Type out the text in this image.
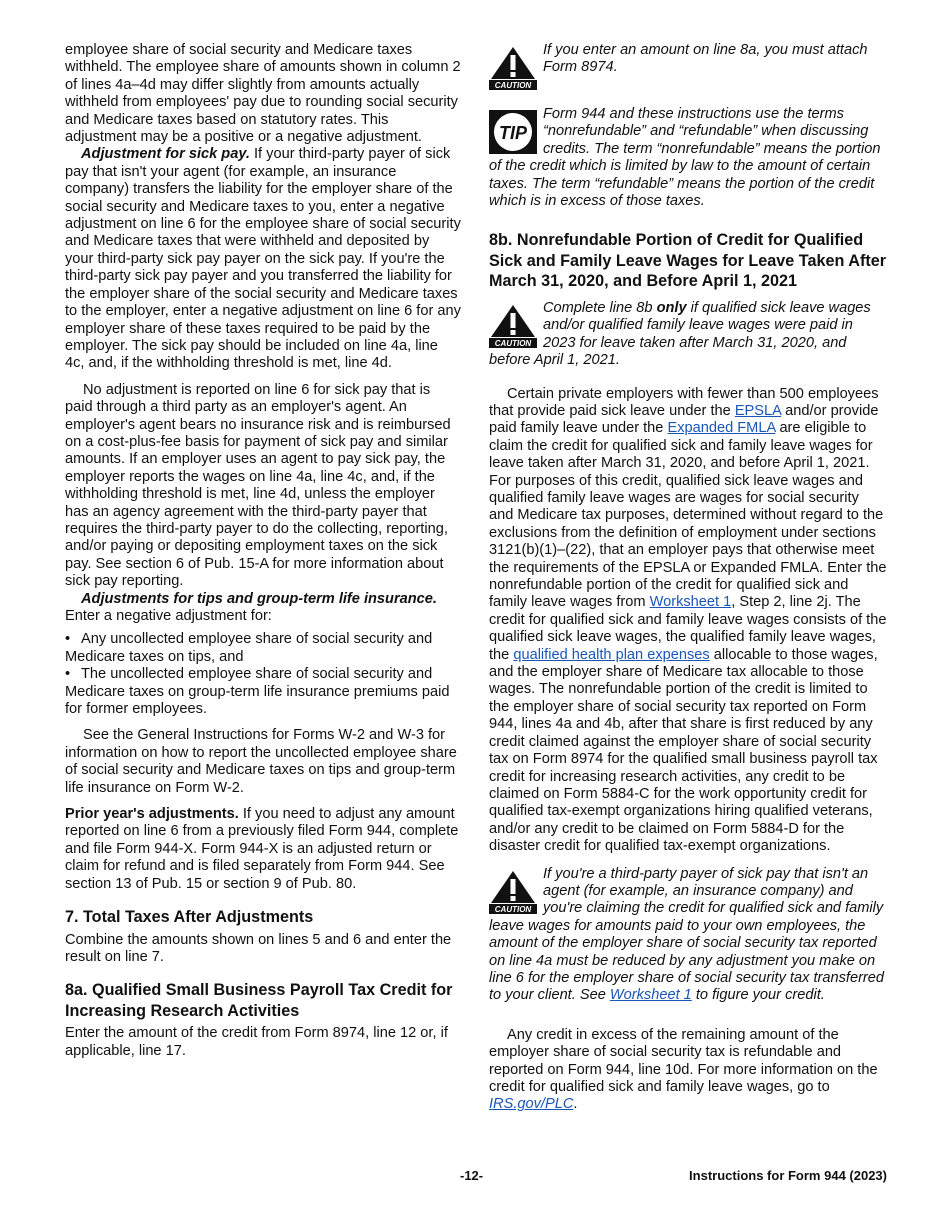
employee share of social security and Medicare taxes withheld. The employee share of amounts shown in column 2 of lines 4a–4d may differ slightly from amounts actually withheld from employees' pay due to rounding social security and Medicare taxes based on statutory rates. This adjustment may be a positive or a negative adjustment.

Adjustment for sick pay. If your third-party payer of sick pay that isn't your agent (for example, an insurance company) transfers the liability for the employer share of the social security and Medicare taxes to you, enter a negative adjustment on line 6 for the employee share of social security and Medicare taxes that were withheld and deposited by your third-party sick pay payer on the sick pay. If you're the third-party sick pay payer and you transferred the liability for the employer share of the social security and Medicare taxes to the employer, enter a negative adjustment on line 6 for any employer share of these taxes required to be paid by the employer. The sick pay should be included on line 4a, line 4c, and, if the withholding threshold is met, line 4d.

No adjustment is reported on line 6 for sick pay that is paid through a third party as an employer's agent. An employer's agent bears no insurance risk and is reimbursed on a cost-plus-fee basis for payment of sick pay and similar amounts. If an employer uses an agent to pay sick pay, the employer reports the wages on line 4a, line 4c, and, if the withholding threshold is met, line 4d, unless the employer has an agency agreement with the third-party payer that requires the third-party payer to do the collecting, reporting, and/or paying or depositing employment taxes on the sick pay. See section 6 of Pub. 15-A for more information about sick pay reporting.

Adjustments for tips and group-term life insurance.

Enter a negative adjustment for:

• Any uncollected employee share of social security and Medicare taxes on tips, and

• The uncollected employee share of social security and Medicare taxes on group-term life insurance premiums paid for former employees.

See the General Instructions for Forms W-2 and W-3 for information on how to report the uncollected employee share of social security and Medicare taxes on tips and group-term life insurance on Form W-2.

Prior year's adjustments. If you need to adjust any amount reported on line 6 from a previously filed Form 944, complete and file Form 944-X. Form 944-X is an adjusted return or claim for refund and is filed separately from Form 944. See section 13 of Pub. 15 or section 9 of Pub. 80.

7. Total Taxes After Adjustments

Combine the amounts shown on lines 5 and 6 and enter the result on line 7.

8a. Qualified Small Business Payroll Tax Credit for Increasing Research Activities

Enter the amount of the credit from Form 8974, line 12 or, if applicable, line 17.

CAUTION

If you enter an amount on line 8a, you must attach Form 8974.

TIP

Form 944 and these instructions use the terms “nonrefundable” and “refundable” when discussing credits. The term “nonrefundable” means the portion of the credit which is limited by law to the amount of certain taxes. The term “refundable” means the portion of the credit which is in excess of those taxes.

8b. Nonrefundable Portion of Credit for Qualified Sick and Family Leave Wages for Leave Taken After March 31, 2020, and Before April 1, 2021
CAUTION

Complete line 8b only if qualified sick leave wages and/or qualified family leave wages were paid in 2023 for leave taken after March 31, 2020, and before April 1, 2021.

Certain private employers with fewer than 500 employees that provide paid sick leave under the EPSLA and/or provide paid family leave under the Expanded FMLA are eligible to claim the credit for qualified sick and family leave wages for leave taken after March 31, 2020, and before April 1, 2021. For purposes of this credit, qualified sick leave wages and qualified family leave wages are wages for social security and Medicare tax purposes, determined without regard to the exclusions from the definition of employment under sections 3121(b)(1)–(22), that an employer pays that otherwise meet the requirements of the EPSLA or Expanded FMLA. Enter the nonrefundable portion of the credit for qualified sick and family leave wages from Worksheet 1, Step 2, line 2j. The credit for qualified sick and family leave wages consists of the qualified sick leave wages, the qualified family leave wages, the qualified health plan expenses allocable to those wages, and the employer share of Medicare tax allocable to those wages. The nonrefundable portion of the credit is limited to the employer share of social security tax reported on Form 944, lines 4a and 4b, after that share is first reduced by any credit claimed against the employer share of social security tax on Form 8974 for the qualified small business payroll tax credit for increasing research activities, any credit to be claimed on Form 5884-C for the work opportunity credit for qualified tax-exempt organizations hiring qualified veterans, and/or any credit to be claimed on Form 5884-D for the disaster credit for qualified tax-exempt organizations.

CAUTION

If you're a third-party payer of sick pay that isn't an agent (for example, an insurance company) and you're claiming the credit for qualified sick and family leave wages for amounts paid to your own employees, the amount of the employer share of social security tax reported on line 4a must be reduced by any adjustment you make on line 6 for the employer share of social security tax transferred to your client. See Worksheet 1 to figure your credit.

Any credit in excess of the remaining amount of the employer share of social security tax is refundable and reported on Form 944, line 10d. For more information on the credit for qualified sick and family leave wages, go to IRS.gov/PLC.

-12-	Instructions for Form 944 (2023)
